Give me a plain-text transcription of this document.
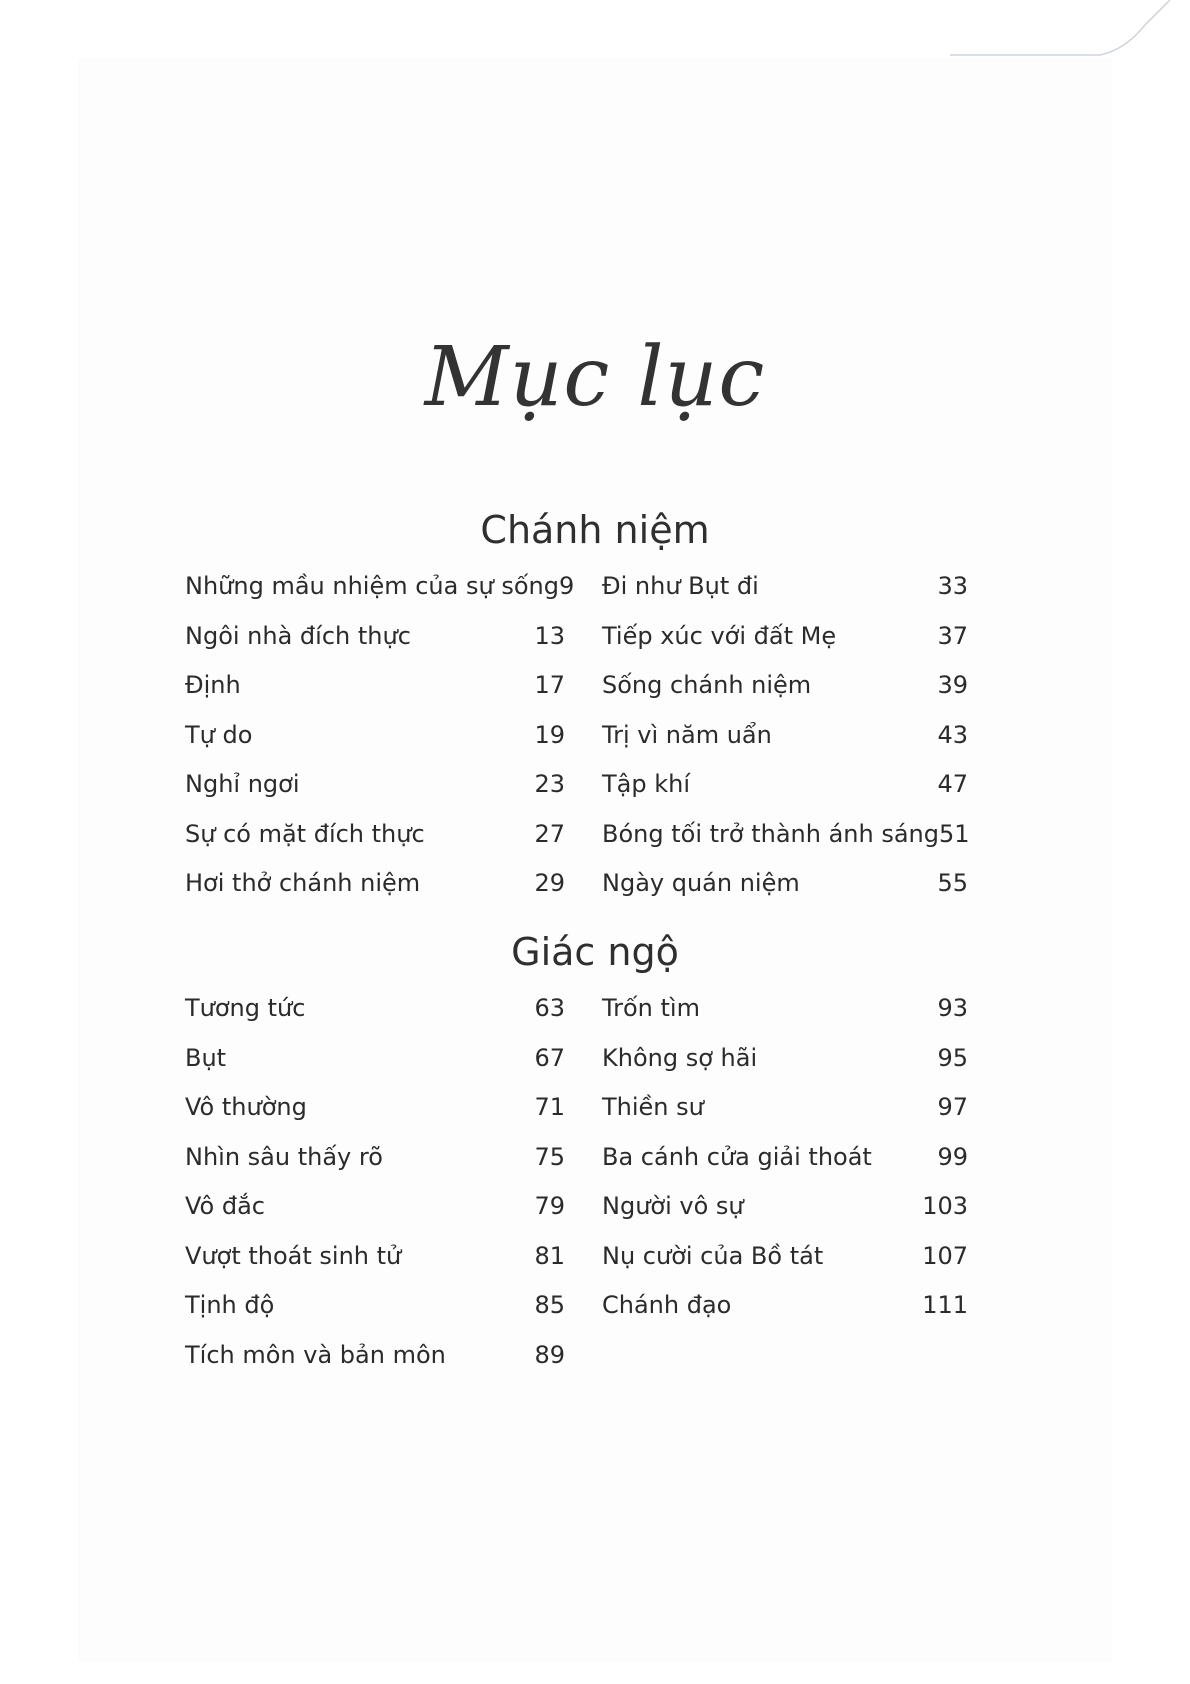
Mục lục
Chánh niệm
Giác ngộ
Những mầu nhiệm của sự sống 9
Ngôi nhà đích thực	13
Định	17
Tự do	19
Nghỉ ngơi	23
Sự có mặt đích thực	27
Hơi thở chánh niệm	29
Đi như Bụt đi	33
Tiếp xúc với đất Mẹ	37
Sống chánh niệm	39
Trị vì năm uẩn	43
Tập khí	47
Bóng tối trở thành ánh sáng 51
Ngày quán niệm	55
Tương tức	63
Bụt	67
Vô thường	71
Nhìn sâu thấy rõ	75
Vô đắc	79
Vượt thoát sinh tử	81
Tịnh độ	85
Tích môn và bản môn	89
Trốn tìm	93
Không sợ hãi	95
Thiền sư	97
Ba cánh cửa giải thoát	99
Người vô sự	103
Nụ cười của Bồ tát	107
Chánh đạo	111
